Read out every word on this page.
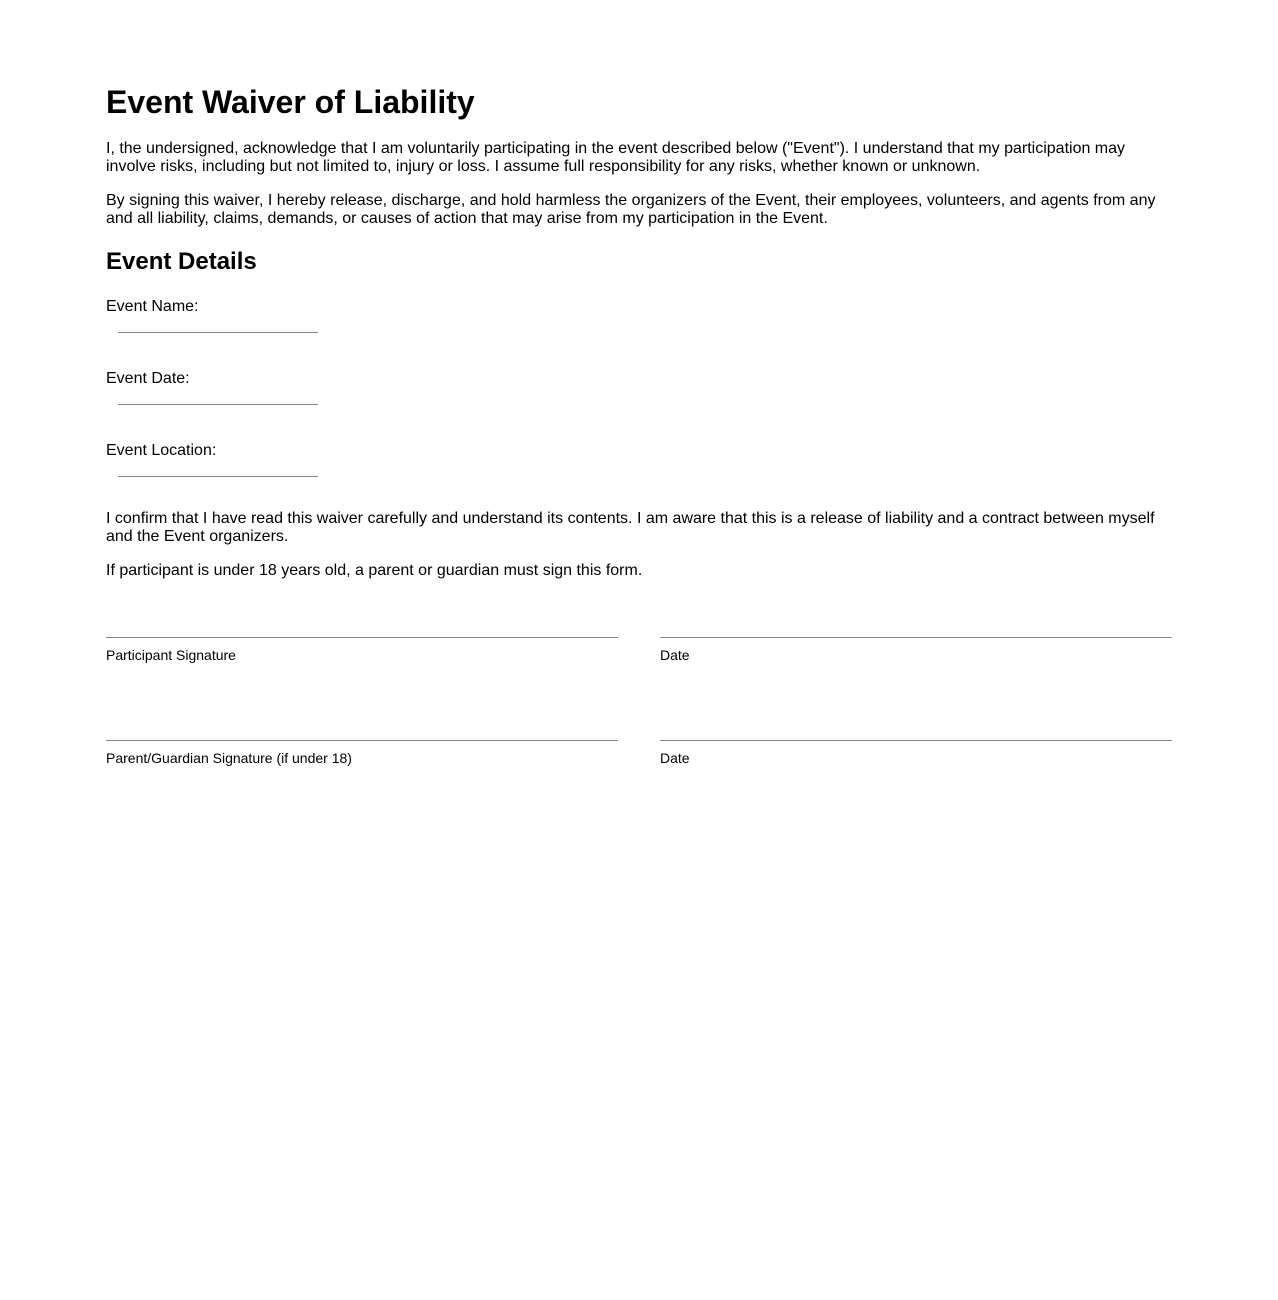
Event Waiver of Liability

I, the undersigned, acknowledge that I am voluntarily participating in the event described below ("Event"). I understand that my participation may involve risks, including but not limited to, injury or loss. I assume full responsibility for any risks, whether known or unknown.

By signing this waiver, I hereby release, discharge, and hold harmless the organizers of the Event, their employees, volunteers, and agents from any and all liability, claims, demands, or causes of action that may arise from my participation in the Event.

Event Details
Event Name:
Event Date:
Event Location:

I confirm that I have read this waiver carefully and understand its contents. I am aware that this is a release of liability and a contract between myself and the Event organizers.

If participant is under 18 years old, a parent or guardian must sign this form.

Participant Signature	Date
Parent/Guardian Signature (if under 18)	Date
